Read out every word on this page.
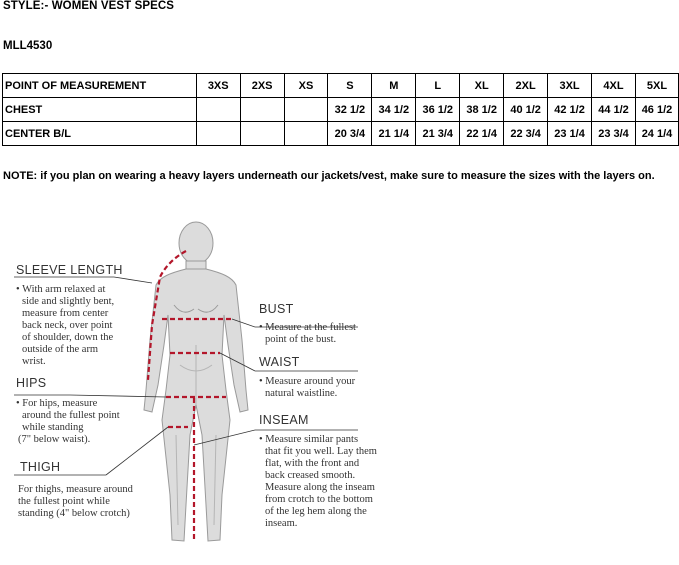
STYLE:- WOMEN VEST SPECS
MLL4530
POINT OF MEASUREMENT	3XS	2XS	XS	S	M	L	XL	2XL	3XL	4XL	5XL
CHEST				32 1/2	34 1/2	36 1/2	38 1/2	40 1/2	42 1/2	44 1/2	46 1/2
CENTER B/L				20 3/4	21 1/4	21 3/4	22 1/4	22 3/4	23 1/4	23 3/4	24 1/4
NOTE: if you plan on wearing a heavy layers underneath our jackets/vest, make sure to measure the sizes with the layers on.
SLEEVE LENGTH
• With arm relaxed at side and slightly bent, measure from center back neck, over point of shoulder, down the outside of the arm wrist.
HIPS
• For hips, measure around the fullest point while standing (7" below waist).
THIGH
For thighs, measure around the fullest point while standing (4" below crotch)
BUST
• Measure at the fullest point of the bust.
WAIST
• Measure around your natural waistline.
INSEAM
• Measure similar pants that fit you well. Lay them flat, with the front and back creased smooth. Measure along the inseam from crotch to the bottom of the leg hem along the inseam.
